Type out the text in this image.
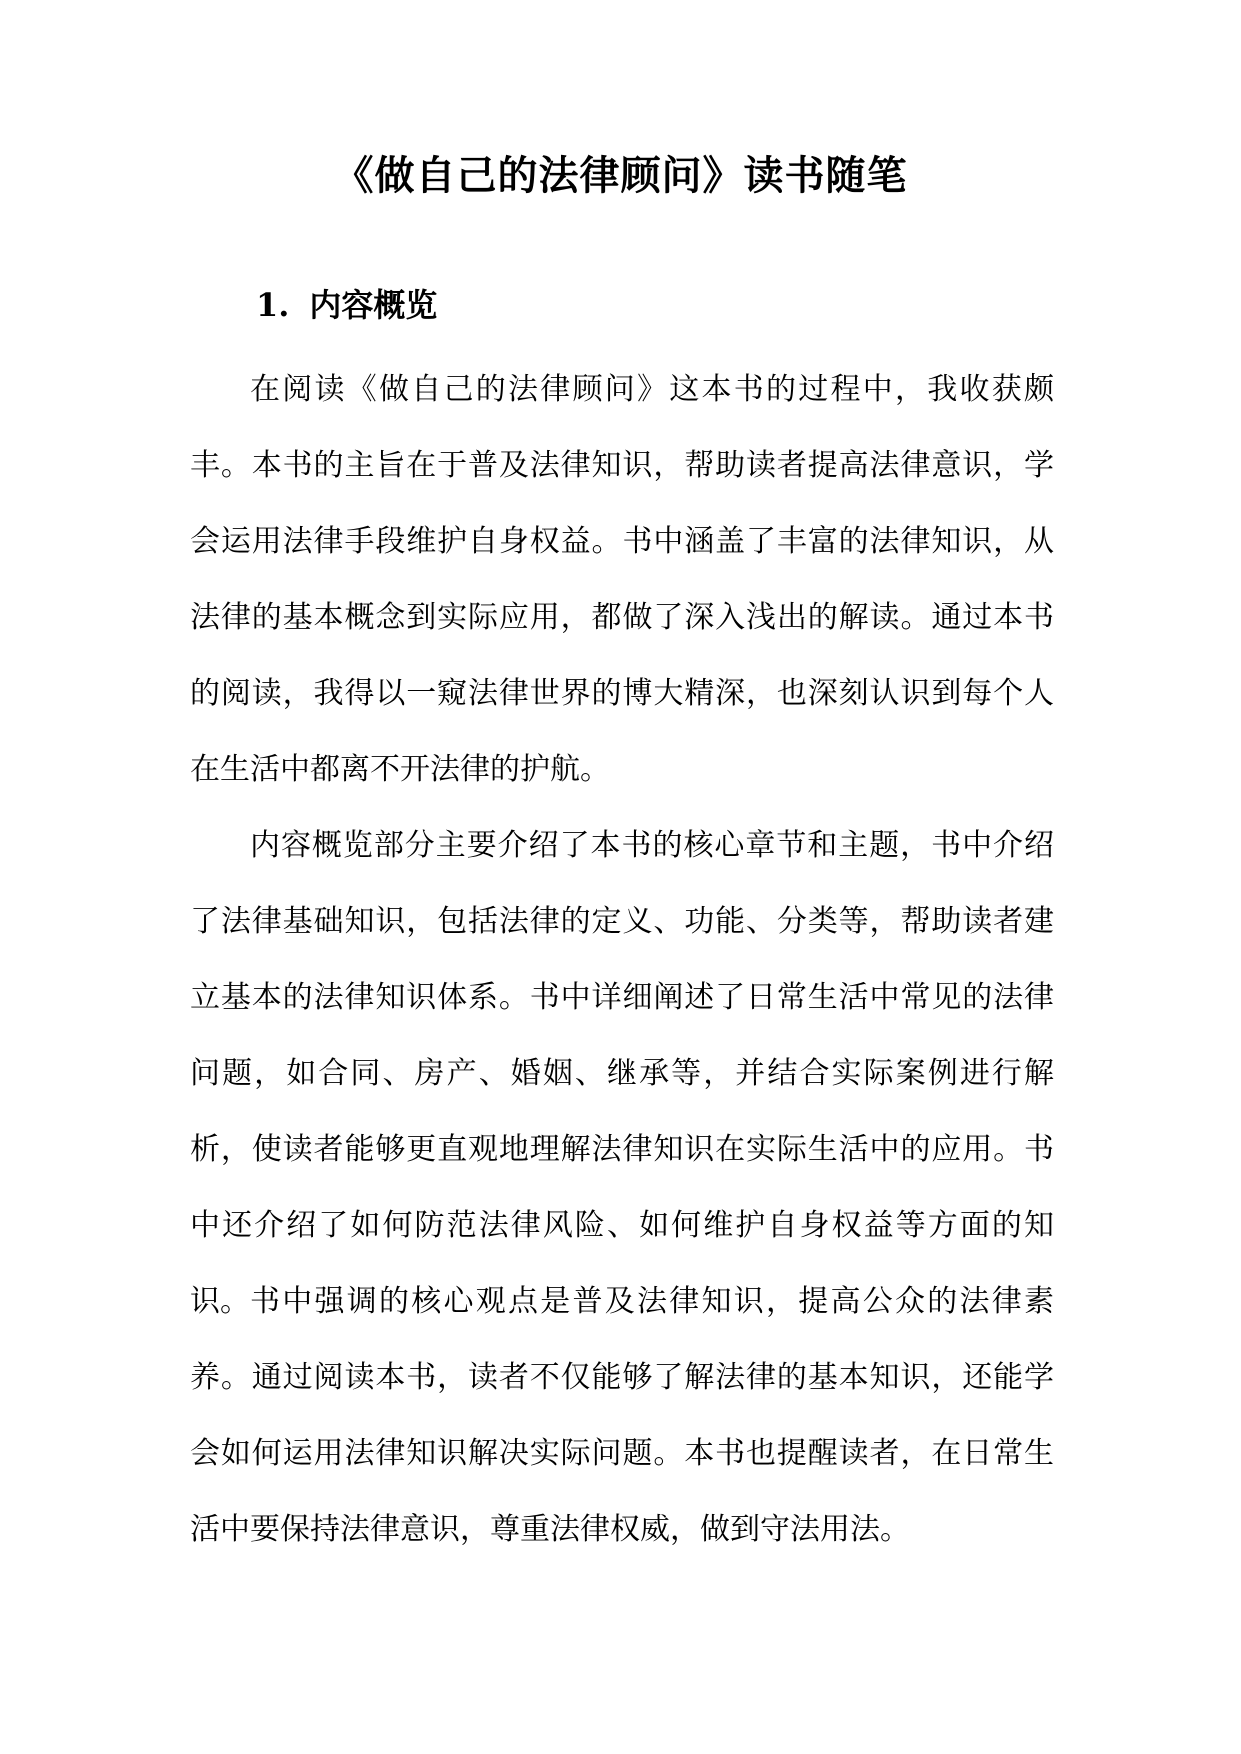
《做自己的法律顾问》读书随笔
1. 内容概览

在阅读《做自己的法律顾问》这本书的过程中，我收获颇丰。本书的主旨在于普及法律知识，帮助读者提高法律意识，学会运用法律手段维护自身权益。书中涵盖了丰富的法律知识，从法律的基本概念到实际应用，都做了深入浅出的解读。通过本书的阅读，我得以一窥法律世界的博大精深，也深刻认识到每个人在生活中都离不开法律的护航。

内容概览部分主要介绍了本书的核心章节和主题，书中介绍了法律基础知识，包括法律的定义、功能、分类等，帮助读者建立基本的法律知识体系。书中详细阐述了日常生活中常见的法律问题，如合同、房产、婚姻、继承等，并结合实际案例进行解析，使读者能够更直观地理解法律知识在实际生活中的应用。书中还介绍了如何防范法律风险、如何维护自身权益等方面的知识。 书中强调的核心观点是普及法律知识，提高公众的法律素养。通过阅读本书，读者不仅能够了解法律的基本知识，还能学会如何运用法律知识解决实际问题。本书也提醒读者，在日常生活中要保持法律意识，尊重法律权威，做到守法用法。
